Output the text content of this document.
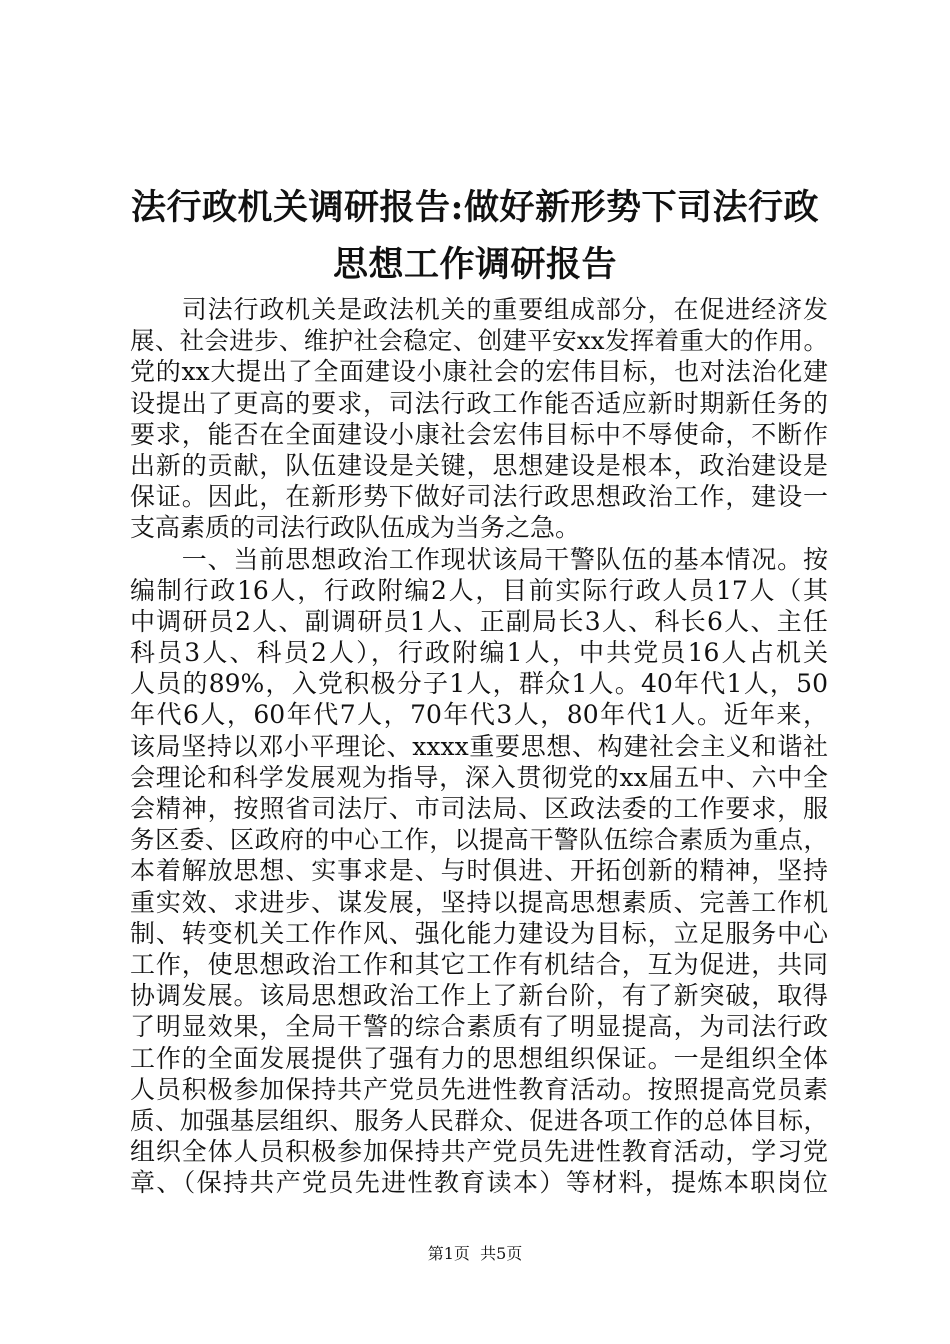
法行政机关调研报告:做好新形势下司法行政
思想工作调研报告
　　司法行政机关是政法机关的重要组成部分，在促进经济发
展、社会进步、维护社会稳定、创建平安xx发挥着重大的作用。
党的xx大提出了全面建设小康社会的宏伟目标，也对法治化建
设提出了更高的要求，司法行政工作能否适应新时期新任务的
要求，能否在全面建设小康社会宏伟目标中不辱使命，不断作
出新的贡献，队伍建设是关键，思想建设是根本，政治建设是
保证。因此，在新形势下做好司法行政思想政治工作，建设一
支高素质的司法行政队伍成为当务之急。
　　一、当前思想政治工作现状该局干警队伍的基本情况。按
编制行政16人，行政附编2人，目前实际行政人员17人（其
中调研员2人、副调研员1人、正副局长3人、科长6人、主任
科员3人、科员2人），行政附编1人，中共党员16人占机关
人员的89%，入党积极分子1人，群众1人。40年代1人，50
年代6人，60年代7人，70年代3人，80年代1人。近年来，
该局坚持以邓小平理论、xxxx重要思想、构建社会主义和谐社
会理论和科学发展观为指导，深入贯彻党的xx届五中、六中全
会精神，按照省司法厅、市司法局、区政法委的工作要求，服
务区委、区政府的中心工作，以提高干警队伍综合素质为重点，
本着解放思想、实事求是、与时俱进、开拓创新的精神，坚持
重实效、求进步、谋发展，坚持以提高思想素质、完善工作机
制、转变机关工作作风、强化能力建设为目标，立足服务中心
工作，使思想政治工作和其它工作有机结合，互为促进，共同
协调发展。该局思想政治工作上了新台阶，有了新突破，取得
了明显效果，全局干警的综合素质有了明显提高，为司法行政
工作的全面发展提供了强有力的思想组织保证。一是组织全体
人员积极参加保持共产党员先进性教育活动。按照提高党员素
质、加强基层组织、服务人民群众、促进各项工作的总体目标，
组织全体人员积极参加保持共产党员先进性教育活动，学习党
章、（保持共产党员先进性教育读本）等材料，提炼本职岗位
第1页  共5页
